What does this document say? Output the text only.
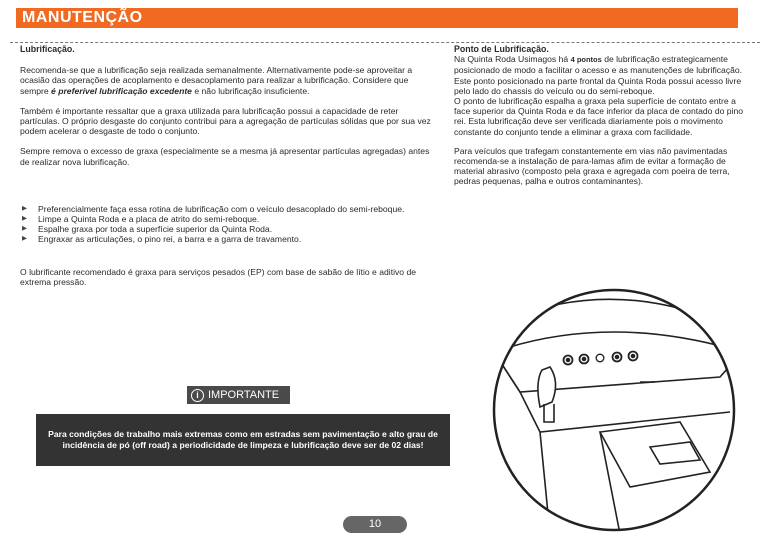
MANUTENÇÃO

Lubrificação.

Recomenda-se que a lubrificação seja realizada semanalmente. Alternativamente pode-se aproveitar a ocasião das operações de acoplamento e desacoplamento para realizar a lubrificação. Considere que sempre é preferível lubrificação excedente e não lubrificação insuficiente.

Também é importante ressaltar que a graxa utilizada para lubrificação possui a capacidade de reter partículas. O próprio desgaste do conjunto contribui para a agregação de partículas sólidas que por sua vez podem acelerar o desgaste de todo o conjunto.

Sempre remova o excesso de graxa (especialmente se a mesma já apresentar partículas agregadas) antes de realizar nova lubrificação.

▶ Preferencialmente faça essa rotina de lubrificação com o veículo desacoplado do semi-reboque.
▶ Limpe a Quinta Roda e a placa de atrito do semi-reboque.
▶ Espalhe graxa por toda a superfície superior da Quinta Roda.
▶ Engraxar as articulações, o pino rei, a barra e a garra de travamento.

O lubrificante recomendado é graxa para serviços pesados (EP) com base de sabão de lítio e aditivo de extrema pressão.

Ponto de Lubrificação.

Na Quinta Roda Usimagos há 4 pontos de lubrificação estrategicamente posicionado de modo a facilitar o acesso e as manutenções de lubrificação.

Este ponto posicionado na parte frontal da Quinta Roda possui acesso livre pelo lado do chassis do veículo ou do semi-reboque.

O ponto de lubrificação espalha a graxa pela superfície de contato entre a face superior da Quinta Roda e da face inferior da placa de contado do pino rei. Esta lubrificação deve ser verificada diariamente pois o movimento constante do conjunto tende a eliminar a graxa com facilidade.

Para veículos que trafegam constantemente em vias não pavimentadas recomenda-se a instalação de para-lamas afim de evitar a formação de material abrasivo (composto pela graxa e agregada com poeira de terra, pedras pequenas, palha e outros contaminantes).

i IMPORTANTE
Para condições de trabalho mais extremas como em estradas sem pavimentação e alto grau de incidência de pó (off road) a periodicidade de limpeza e lubrificação deve ser de 02 dias!
10
